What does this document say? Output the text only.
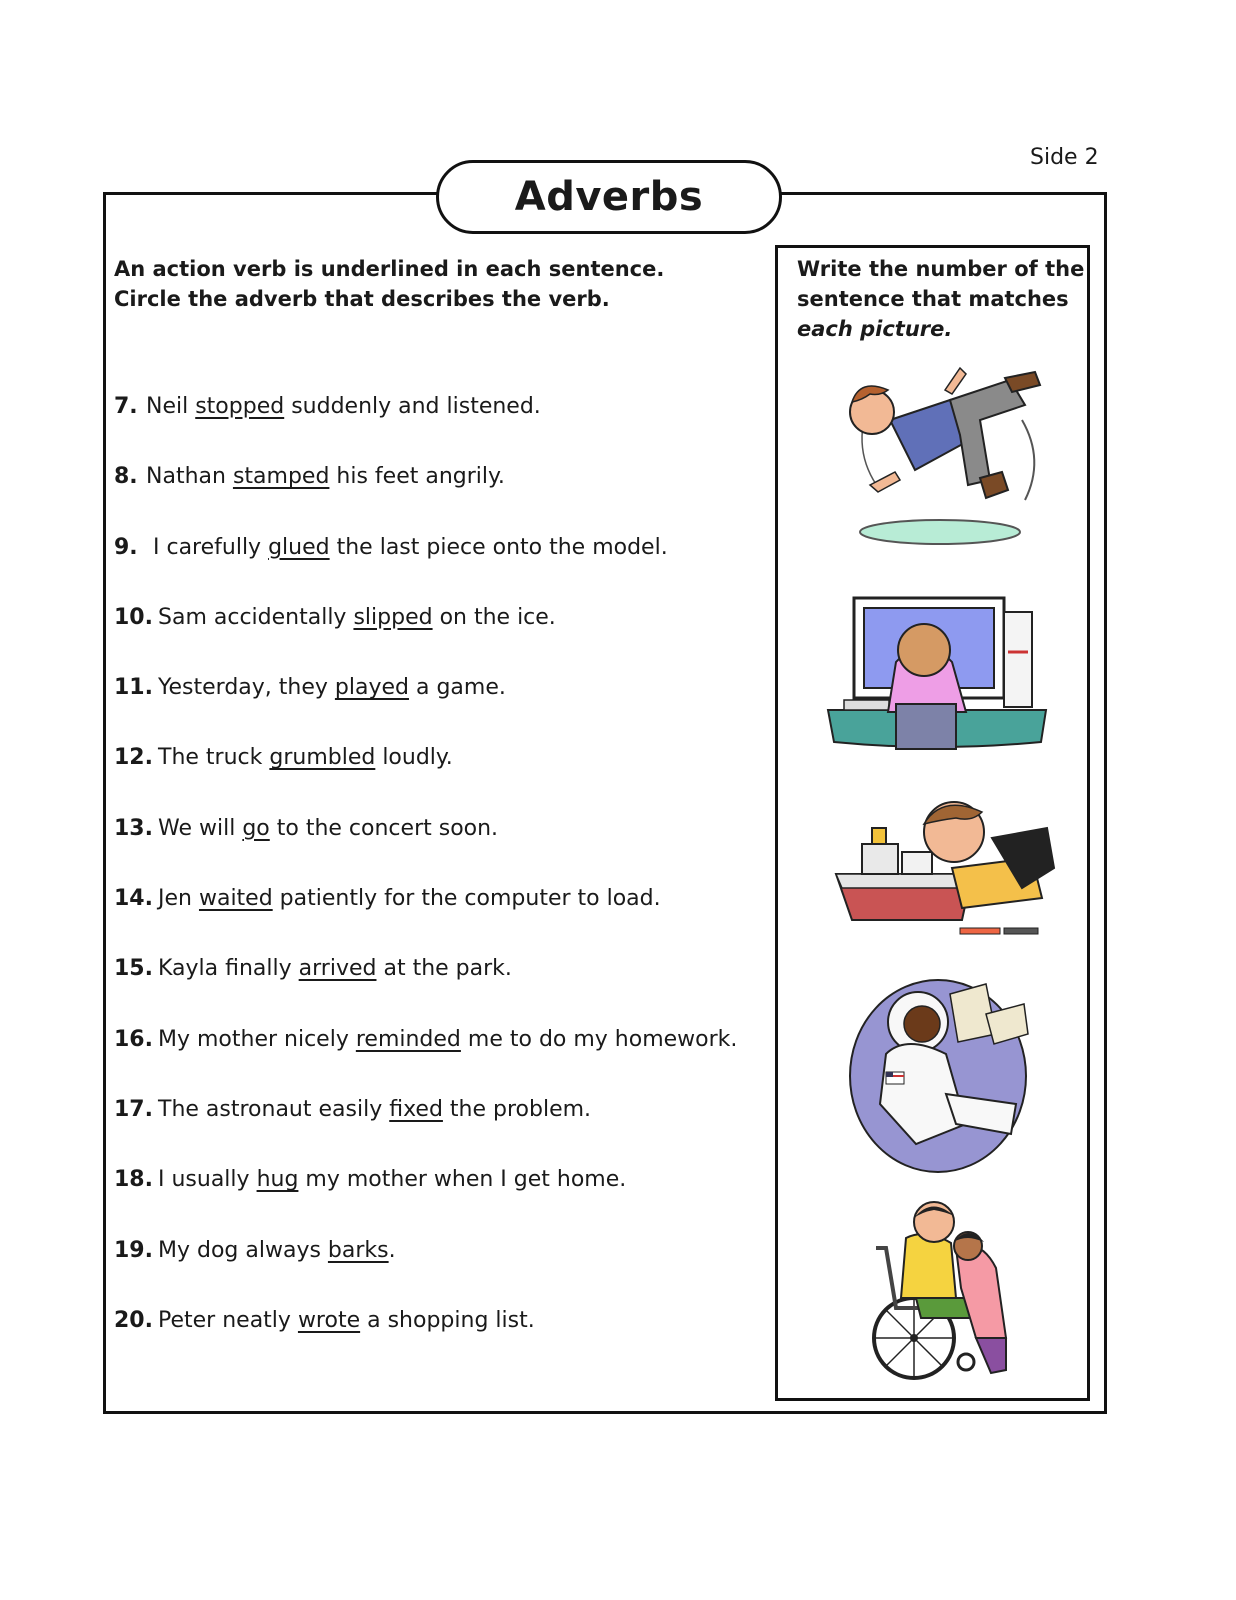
Side 2
Adverbs
An action verb is underlined in each sentence.
Circle the adverb that describes the verb.
7. Neil stopped suddenly and listened.
8. Nathan stamped his feet angrily.
9. I carefully glued the last piece onto the model.
10. Sam accidentally slipped on the ice.
11. Yesterday, they played a game.
12. The truck grumbled loudly.
13. We will go to the concert soon.
14. Jen waited patiently for the computer to load.
15. Kayla finally arrived at the park.
16. My mother nicely reminded me to do my homework.
17. The astronaut easily fixed the problem.
18. I usually hug my mother when I get home.
19. My dog always barks .
20. Peter neatly wrote a shopping list.
Write the number of the
sentence that matches
each picture.
